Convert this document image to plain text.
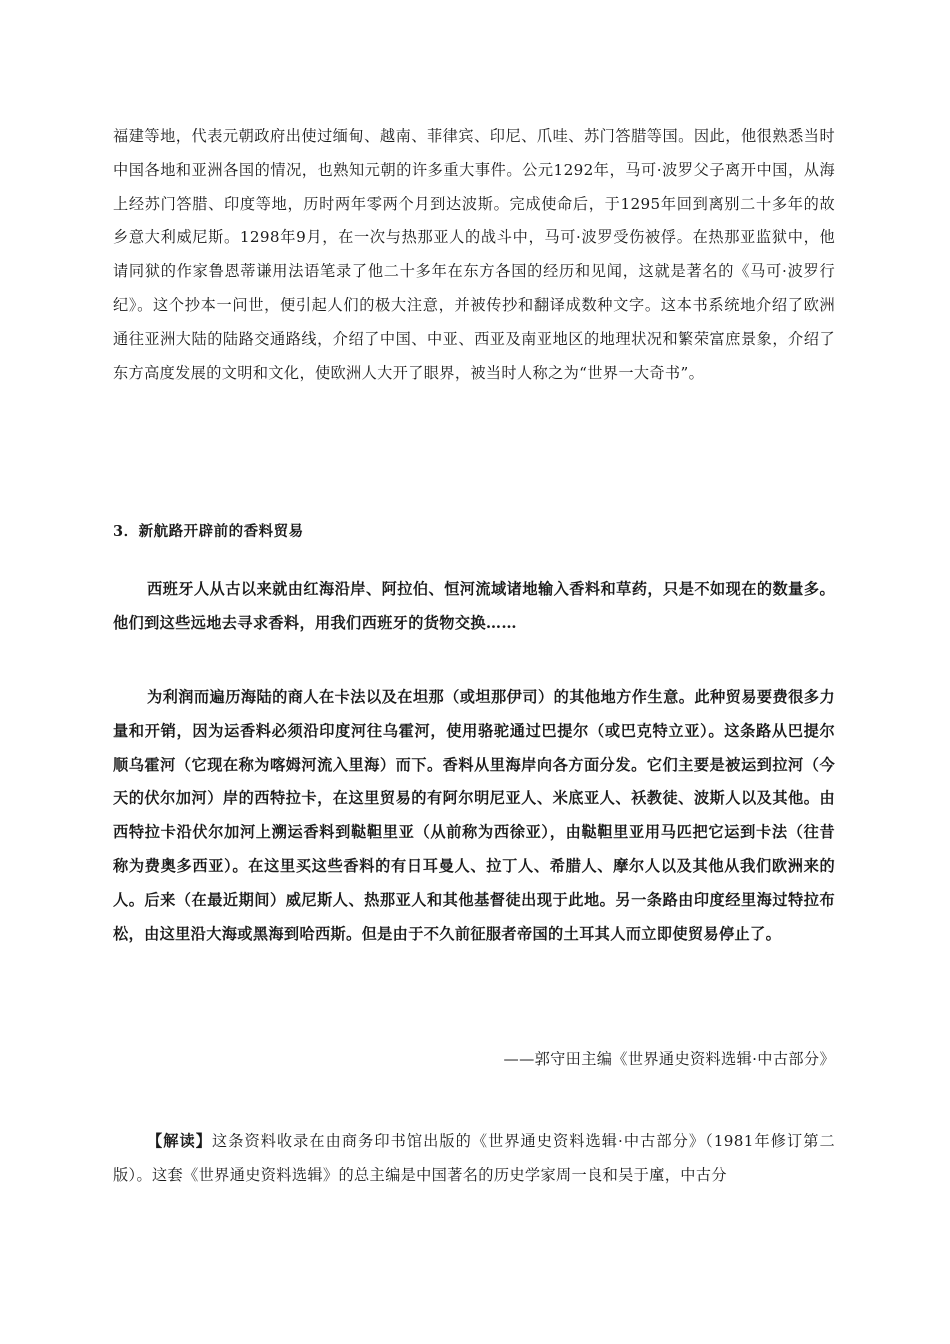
福建等地，代表元朝政府出使过缅甸、越南、菲律宾、印尼、爪哇、苏门答腊等国。因此，他很熟悉当时中国各地和亚洲各国的情况，也熟知元朝的许多重大事件。公元1292年，马可·波罗父子离开中国，从海上经苏门答腊、印度等地，历时两年零两个月到达波斯。完成使命后，于1295年回到离别二十多年的故乡意大利威尼斯。1298年9月，在一次与热那亚人的战斗中，马可·波罗受伤被俘。在热那亚监狱中，他请同狱的作家鲁恩蒂谦用法语笔录了他二十多年在东方各国的经历和见闻，这就是著名的《马可·波罗行纪》。这个抄本一问世，便引起人们的极大注意，并被传抄和翻译成数种文字。这本书系统地介绍了欧洲通往亚洲大陆的陆路交通路线，介绍了中国、中亚、西亚及南亚地区的地理状况和繁荣富庶景象，介绍了东方高度发展的文明和文化，使欧洲人大开了眼界，被当时人称之为“世界一大奇书”。

3．新航路开辟前的香料贸易

西班牙人从古以来就由红海沿岸、阿拉伯、恒河流域诸地输入香料和草药，只是不如现在的数量多。他们到这些远地去寻求香料，用我们西班牙的货物交换……

为利润而遍历海陆的商人在卡法以及在坦那（或坦那伊司）的其他地方作生意。此种贸易要费很多力量和开销，因为运香料必须沿印度河往乌霍河，使用骆驼通过巴提尔（或巴克特立亚）。这条路从巴提尔顺乌霍河（它现在称为喀姆河流入里海）而下。香料从里海岸向各方面分发。它们主要是被运到拉河（今天的伏尔加河）岸的西特拉卡，在这里贸易的有阿尔明尼亚人、米底亚人、袄教徒、波斯人以及其他。由西特拉卡沿伏尔加河上溯运香料到鞑靼里亚（从前称为西徐亚），由鞑靼里亚用马匹把它运到卡法（往昔称为费奥多西亚）。在这里买这些香料的有日耳曼人、拉丁人、希腊人、摩尔人以及其他从我们欧洲来的人。后来（在最近期间）威尼斯人、热那亚人和其他基督徒出现于此地。另一条路由印度经里海过特拉布松，由这里沿大海或黑海到哈西斯。但是由于不久前征服者帝国的土耳其人而立即使贸易停止了。

——郭守田主编《世界通史资料选辑·中古部分》

【解读】这条资料收录在由商务印书馆出版的《世界通史资料选辑·中古部分》（1981年修订第二版）。这套《世界通史资料选辑》的总主编是中国著名的历史学家周一良和吴于廑，中古分
